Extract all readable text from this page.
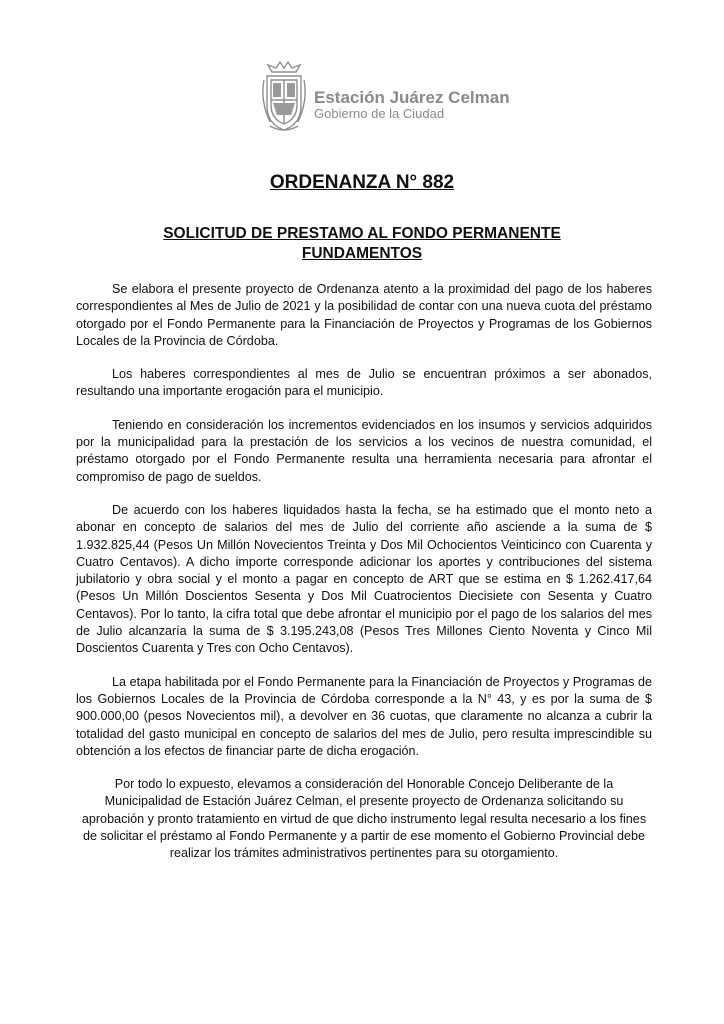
Estación Juárez Celman
Gobierno de la Ciudad
ORDENANZA N° 882
SOLICITUD DE PRESTAMO AL FONDO PERMANENTE
FUNDAMENTOS

Se elabora el presente proyecto de Ordenanza atento a la proximidad del pago de los haberes correspondientes al Mes de Julio de 2021 y la posibilidad de contar con una nueva cuota del préstamo otorgado por el Fondo Permanente para la Financiación de Proyectos y Programas de los Gobiernos Locales de la Provincia de Córdoba.

Los haberes correspondientes al mes de Julio se encuentran próximos a ser abonados, resultando una importante erogación para el municipio.

Teniendo en consideración los incrementos evidenciados en los insumos y servicios adquiridos por la municipalidad para la prestación de los servicios a los vecinos de nuestra comunidad, el préstamo otorgado por el Fondo Permanente resulta una herramienta necesaria para afrontar el compromiso de pago de sueldos.

De acuerdo con los haberes liquidados hasta la fecha, se ha estimado que el monto neto a abonar en concepto de salarios del mes de Julio del corriente año asciende a la suma de $ 1.932.825,44 (Pesos Un Millón Novecientos Treinta y Dos Mil Ochocientos Veinticinco con Cuarenta y Cuatro Centavos). A dicho importe corresponde adicionar los aportes y contribuciones del sistema jubilatorio y obra social y el monto a pagar en concepto de ART que se estima en $ 1.262.417,64 (Pesos Un Millón Doscientos Sesenta y Dos Mil Cuatrocientos Diecisiete con Sesenta y Cuatro Centavos). Por lo tanto, la cifra total que debe afrontar el municipio por el pago de los salarios del mes de Julio alcanzaría la suma de $ 3.195.243,08 (Pesos Tres Millones Ciento Noventa y Cinco Mil Doscientos Cuarenta y Tres con Ocho Centavos).

La etapa habilitada por el Fondo Permanente para la Financiación de Proyectos y Programas de los Gobiernos Locales de la Provincia de Córdoba corresponde a la N° 43, y es por la suma de $ 900.000,00 (pesos Novecientos mil), a devolver en 36 cuotas, que claramente no alcanza a cubrir la totalidad del gasto municipal en concepto de salarios del mes de Julio, pero resulta imprescindible su obtención a los efectos de financiar parte de dicha erogación.

Por todo lo expuesto, elevamos a consideración del Honorable Concejo Deliberante de la Municipalidad de Estación Juárez Celman, el presente proyecto de Ordenanza solicitando su aprobación y pronto tratamiento en virtud de que dicho instrumento legal resulta necesario a los fines de solicitar el préstamo al Fondo Permanente y a partir de ese momento el Gobierno Provincial debe realizar los trámites administrativos pertinentes para su otorgamiento.
